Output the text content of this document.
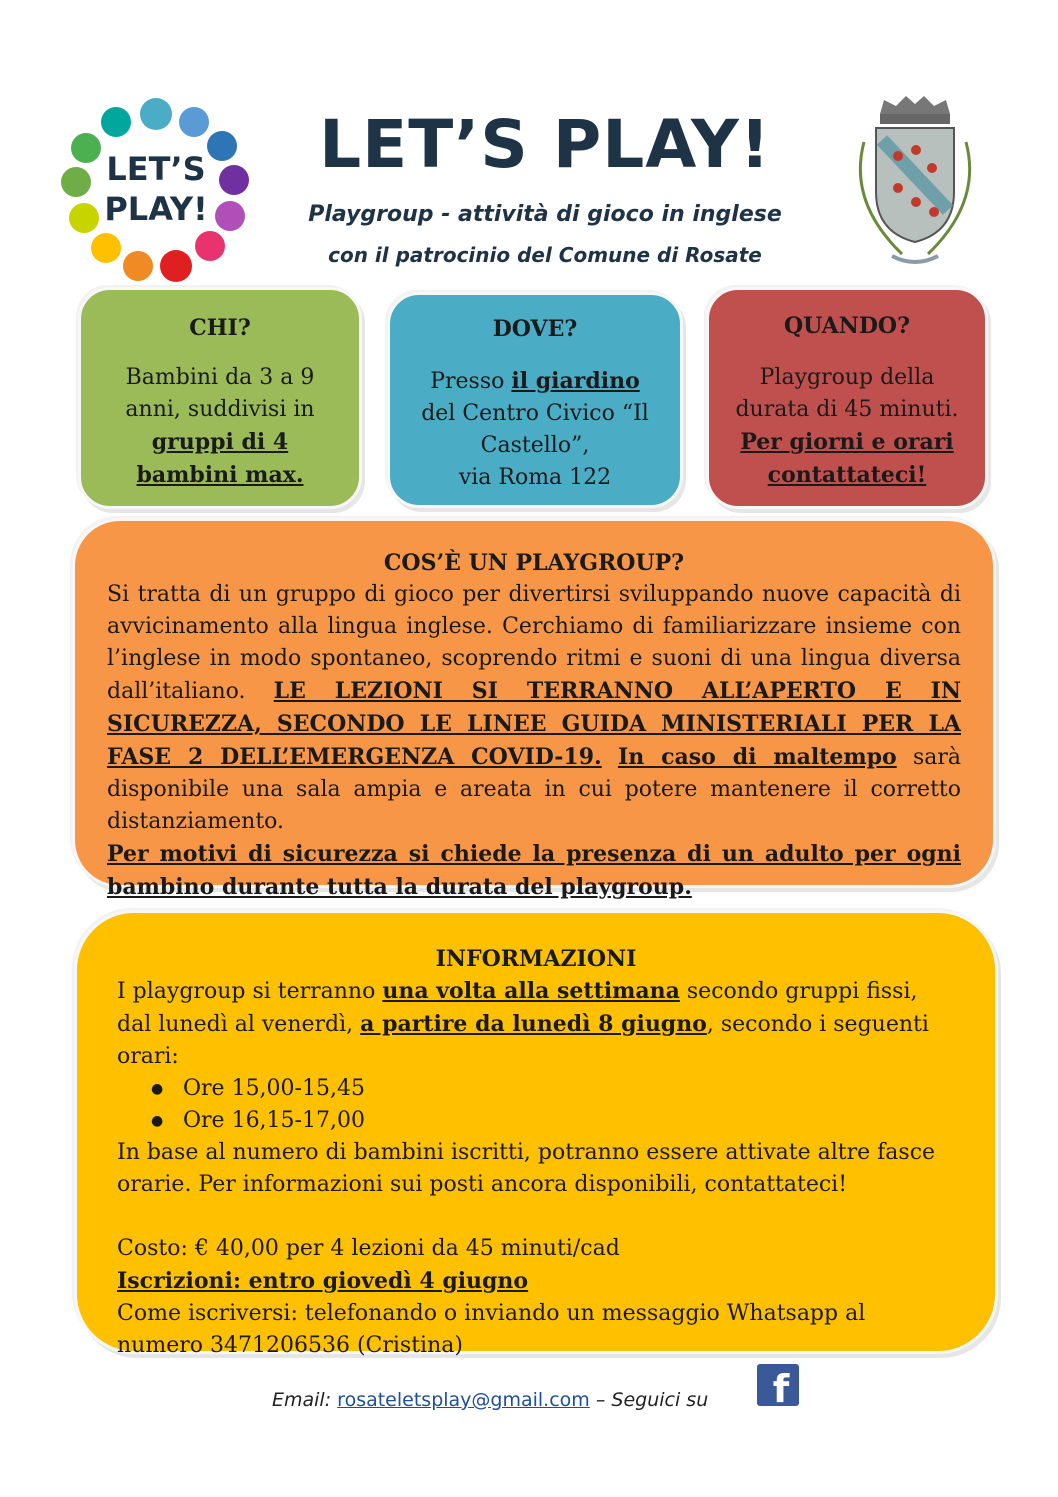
LET’S
PLAY!
LET’S PLAY!
Playgroup - attività di gioco in inglese
con il patrocinio del Comune di Rosate
CHI?
Bambini da 3 a 9
anni, suddivisi in
gruppi di 4
bambini max.
DOVE?
Presso il giardino
del Centro Civico “Il
Castello”,
via Roma 122
QUANDO?
Playgroup della
durata di 45 minuti.
Per giorni e orari
contattateci!
COS’È UN PLAYGROUP?

Si tratta di un gruppo di gioco per divertirsi sviluppando nuove capacità di avvicinamento alla lingua inglese. Cerchiamo di familiarizzare insieme con l’inglese in modo spontaneo, scoprendo ritmi e suoni di una lingua diversa dall’italiano. LE LEZIONI SI TERRANNO ALL’APERTO E IN SICUREZZA, SECONDO LE LINEE GUIDA MINISTERIALI PER LA FASE 2 DELL’EMERGENZA COVID-19. In caso di maltempo sarà disponibile una sala ampia e areata in cui potere mantenere il corretto distanziamento.

Per motivi di sicurezza si chiede la presenza di un adulto per ogni bambino durante tutta la durata del playgroup.

INFORMAZIONI

I playgroup si terranno una volta alla settimana secondo gruppi fissi, dal lunedì al venerdì, a partire da lunedì 8 giugno, secondo i seguenti orari:

● Ore 15,00-15,45
● Ore 16,15-17,00

In base al numero di bambini iscritti, potranno essere attivate altre fasce orarie. Per informazioni sui posti ancora disponibili, contattateci!

Costo: € 40,00 per 4 lezioni da 45 minuti/cad

Iscrizioni: entro giovedì 4 giugno

Come iscriversi: telefonando o inviando un messaggio Whatsapp al numero 3471206536 (Cristina)

Email: rosateletsplay@gmail.com – Seguici su f
